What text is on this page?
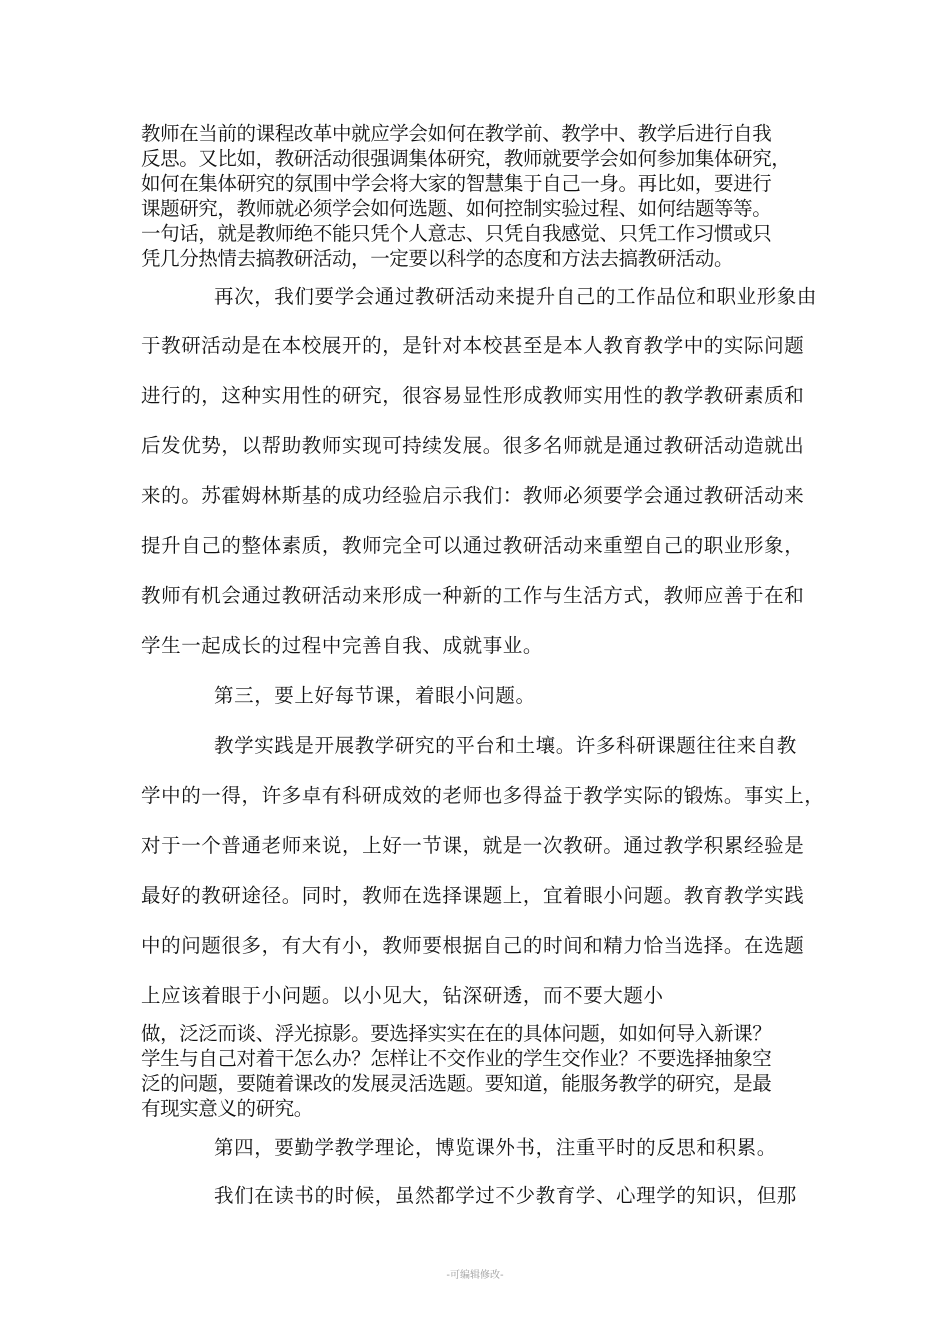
教师在当前的课程改革中就应学会如何在教学前、教学中、教学后进行自我
反思。又比如，教研活动很强调集体研究，教师就要学会如何参加集体研究，
如何在集体研究的氛围中学会将大家的智慧集于自己一身。再比如，要进行
课题研究，教师就必须学会如何选题、如何控制实验过程、如何结题等等。
一句话，就是教师绝不能只凭个人意志、只凭自我感觉、只凭工作习惯或只
凭几分热情去搞教研活动，一定要以科学的态度和方法去搞教研活动。
再次，我们要学会通过教研活动来提升自己的工作品位和职业形象由
于教研活动是在本校展开的，是针对本校甚至是本人教育教学中的实际问题
进行的，这种实用性的研究，很容易显性形成教师实用性的教学教研素质和
后发优势，以帮助教师实现可持续发展。很多名师就是通过教研活动造就出
来的。苏霍姆林斯基的成功经验启示我们：教师必须要学会通过教研活动来
提升自己的整体素质，教师完全可以通过教研活动来重塑自己的职业形象，
教师有机会通过教研活动来形成一种新的工作与生活方式，教师应善于在和
学生一起成长的过程中完善自我、成就事业。
第三，要上好每节课，着眼小问题。
教学实践是开展教学研究的平台和土壤。许多科研课题往往来自教
学中的一得，许多卓有科研成效的老师也多得益于教学实际的锻炼。事实上，
对于一个普通老师来说，上好一节课，就是一次教研。通过教学积累经验是
最好的教研途径。同时，教师在选择课题上，宜着眼小问题。教育教学实践
中的问题很多，有大有小，教师要根据自己的时间和精力恰当选择。在选题
上应该着眼于小问题。以小见大，钻深研透，而不要大题小
做，泛泛而谈、浮光掠影。要选择实实在在的具体问题，如如何导入新课？
学生与自己对着干怎么办？怎样让不交作业的学生交作业？不要选择抽象空
泛的问题，要随着课改的发展灵活选题。要知道，能服务教学的研究，是最
有现实意义的研究。
第四，要勤学教学理论，博览课外书，注重平时的反思和积累。
我们在读书的时候，虽然都学过不少教育学、心理学的知识，但那
-可编辑修改-
